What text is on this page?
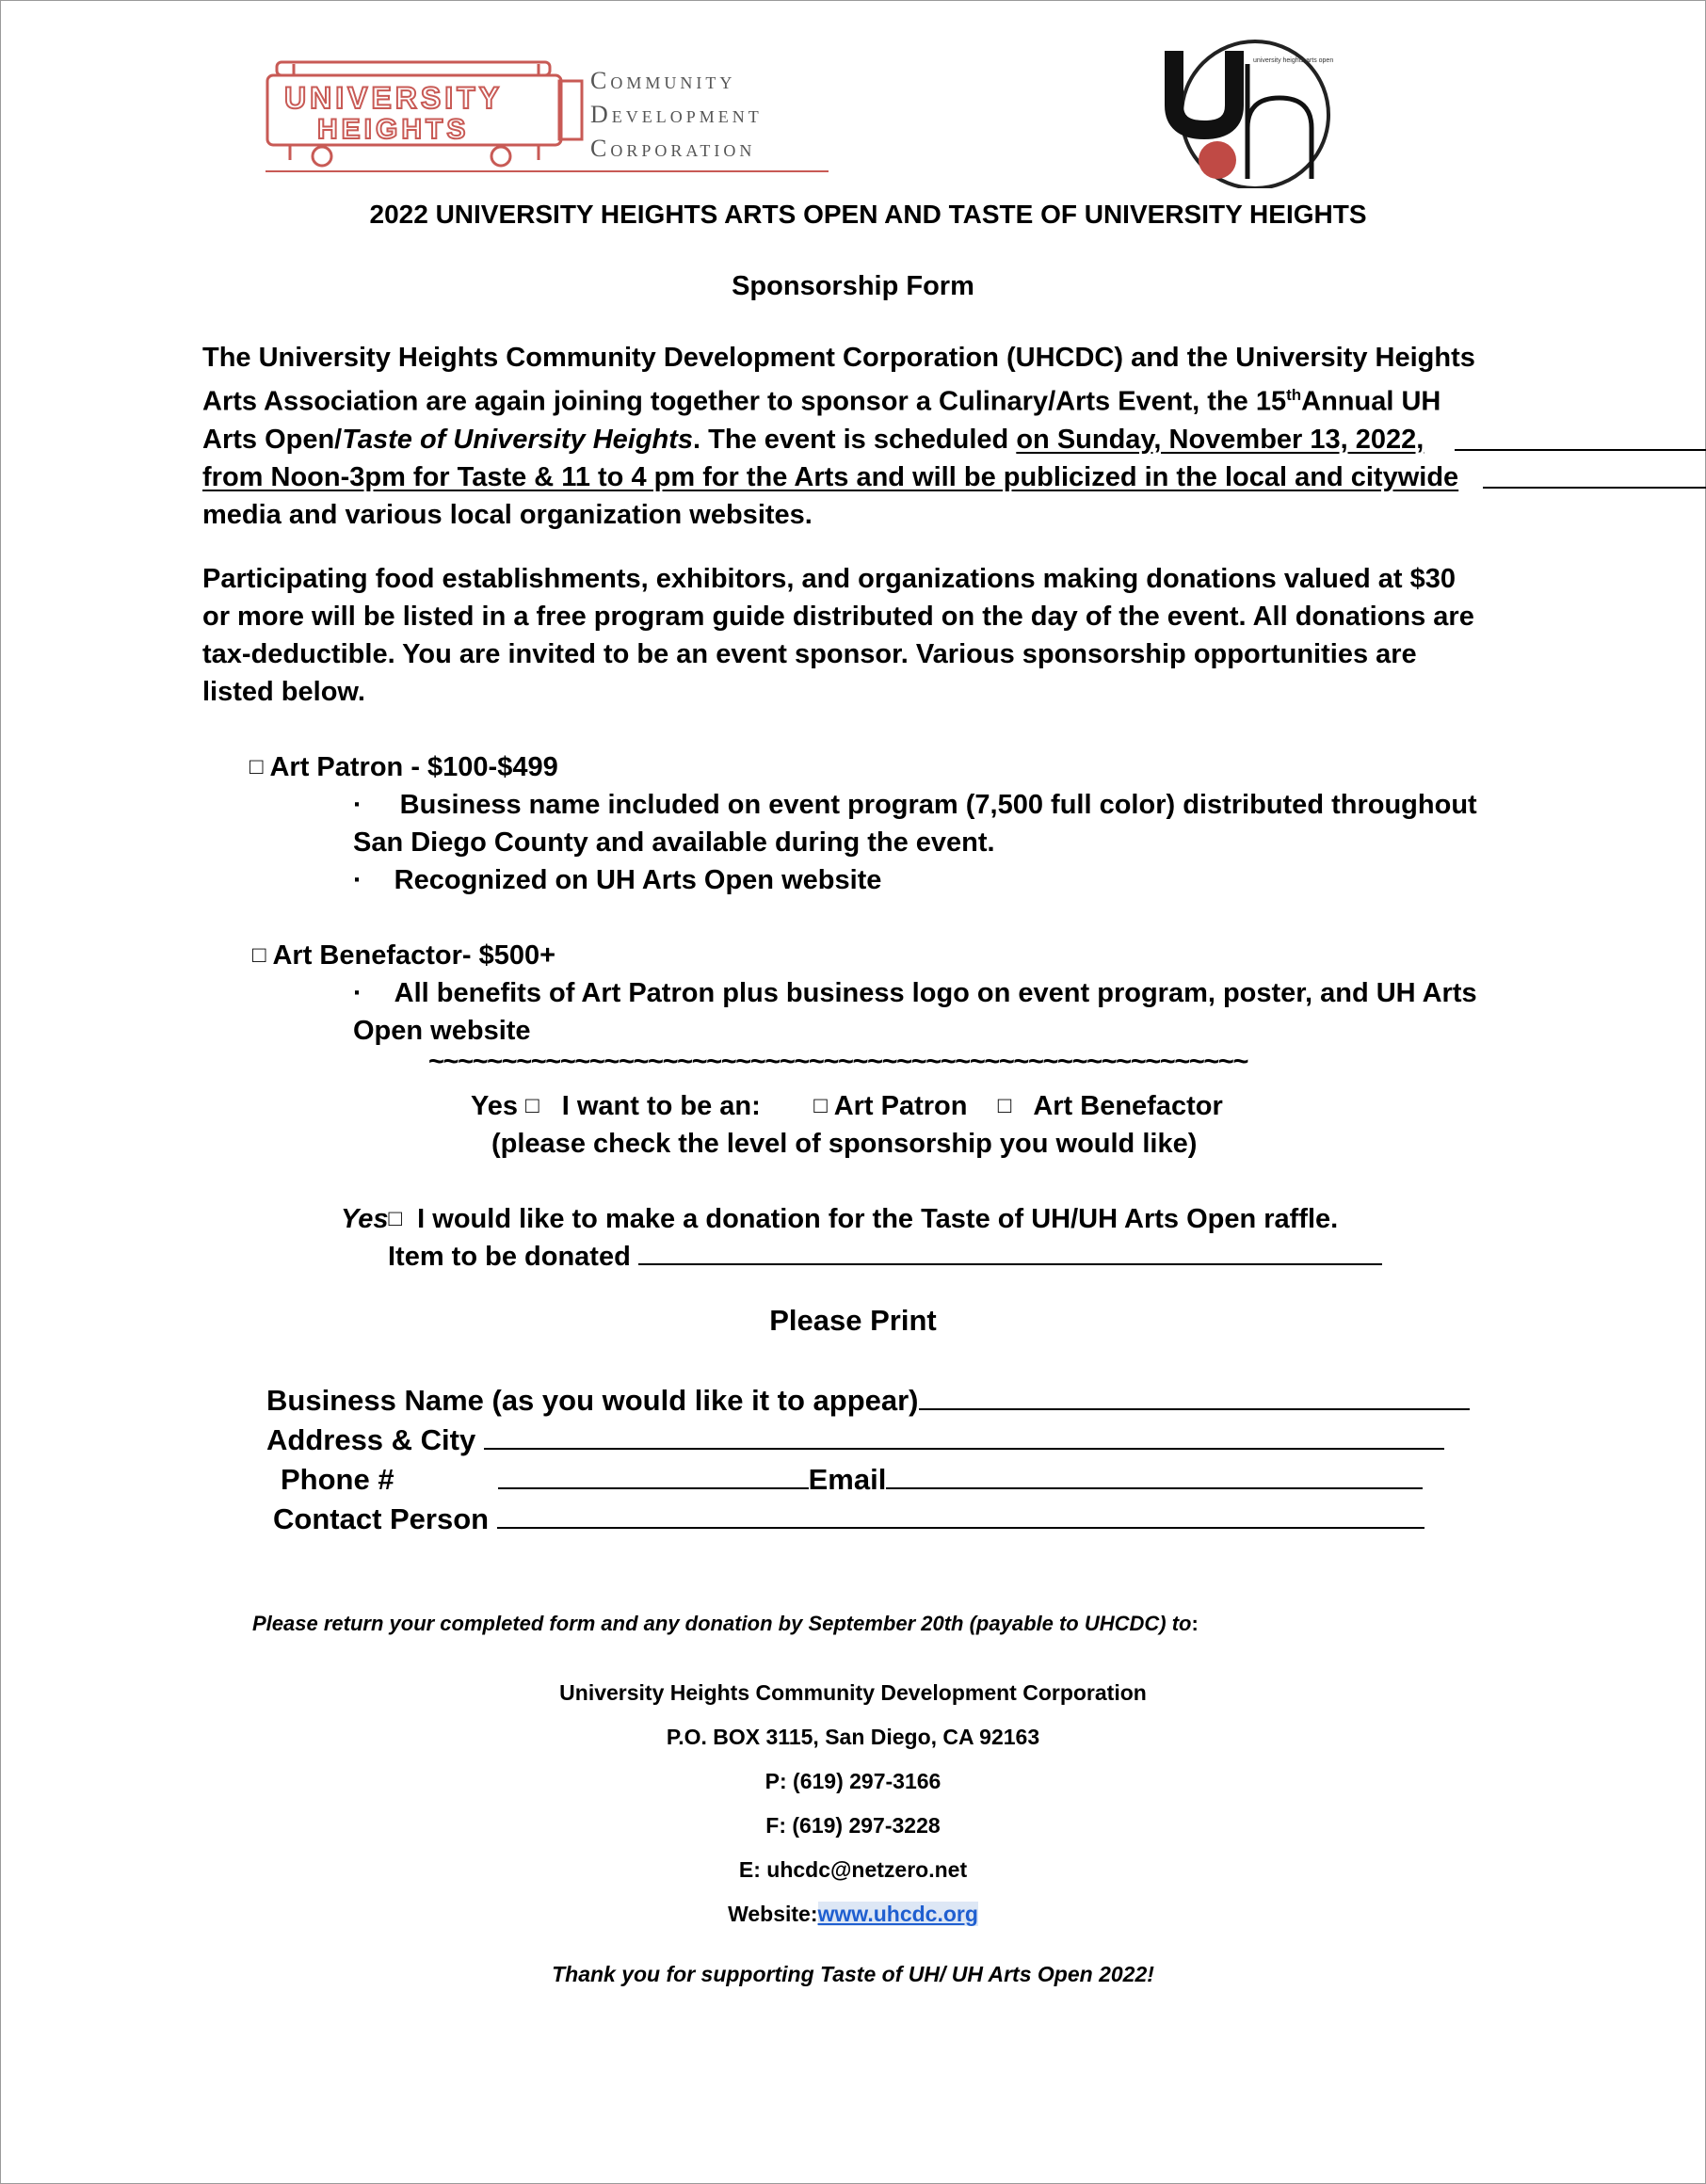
UNIVERSITY
HEIGHTS
Community
Development
Corporation
university heights arts open
2022 UNIVERSITY HEIGHTS ARTS OPEN AND TASTE OF UNIVERSITY HEIGHTS
Sponsorship Form
The University Heights Community Development Corporation (UHCDC) and the University Heights
Arts Association are again joining together to sponsor a Culinary/Arts Event, the 15thAnnual UH
Arts Open/Taste of University Heights. The event is scheduled on Sunday, November 13, 2022,
from Noon-3pm for Taste & 11 to 4 pm for the Arts and will be publicized in the local and citywide
media and various local organization websites.
Participating food establishments, exhibitors, and organizations making donations valued at $30
or more will be listed in a free program guide distributed on the day of the event. All donations are
tax-deductible. You are invited to be an event sponsor. Various sponsorship opportunities are
listed below.
□ Art Patron - $100-$499
· Business name included on event program (7,500 full color) distributed throughout
San Diego County and available during the event.
· Recognized on UH Arts Open website
□ Art Benefactor- $500+
· All benefits of Art Patron plus business logo on event program, poster, and UH Arts
Open website
~~~~~~~~~~~~~~~~~~~~~~~~~~~~~~~~~~~~~~~~~~~~~~~~~~~~~~~~
Yes □ I want to be an: □ Art Patron □ Art Benefactor
(please check the level of sponsorship you would like)
Yes□ I would like to make a donation for the Taste of UH/UH Arts Open raffle.
Item to be donated
Please Print
Business Name (as you would like it to appear)
Address & City
Phone #	Email
Contact Person
Please return your completed form and any donation by September 20th (payable to UHCDC) to:
University Heights Community Development Corporation
P.O. BOX 3115, San Diego, CA 92163
P: (619) 297-3166
F: (619) 297-3228
E: uhcdc@netzero.net
Website:www.uhcdc.org
Thank you for supporting Taste of UH/ UH Arts Open 2022!
